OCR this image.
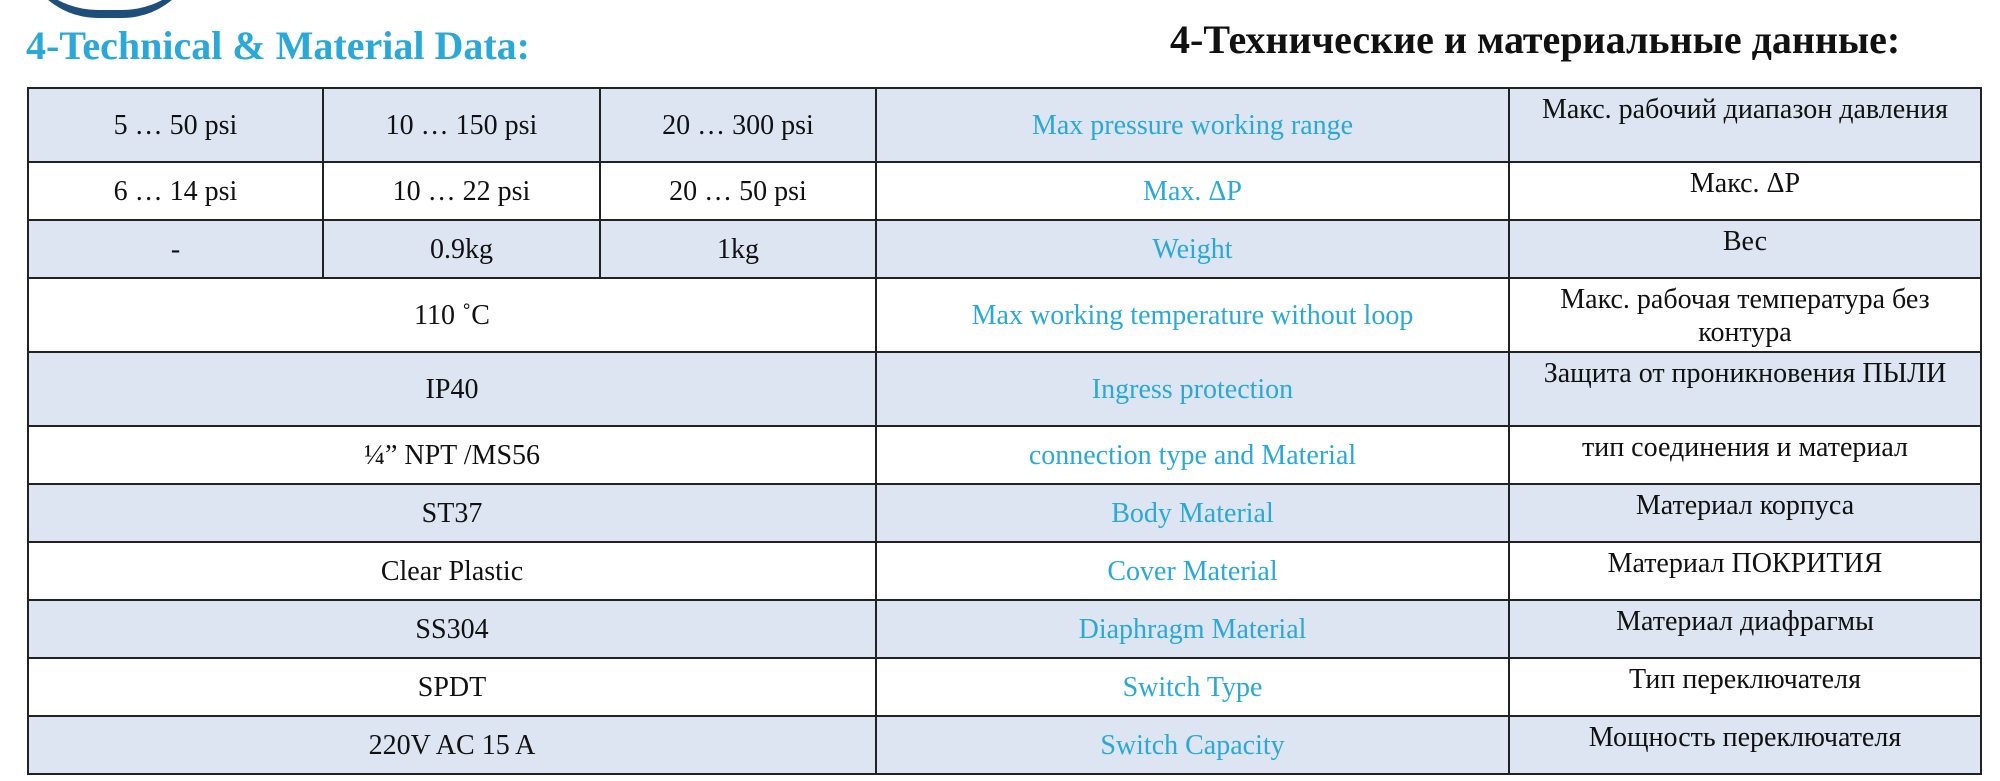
4-Technical & Material Data:	4-Технические и материальные данные:
5 … 50 psi	10 … 150 psi	20 … 300 psi	Max pressure working range	Макс. рабочий диапазон давления
6 … 14 psi	10 … 22 psi	20 … 50 psi	Max. ΔP	Макс. ΔP
-	0.9kg	1kg	Weight	Вес
110 ˚C			Max working temperature without loop	Макс. рабочая температура без контура
IP40			Ingress protection	Защита от проникновения ПЫЛИ
¼” NPT /MS56			connection type and Material	тип соединения и материал
ST37			Body Material	Материал корпуса
Clear Plastic			Cover Material	Материал ПОКРИТИЯ
SS304			Diaphragm Material	Материал диафрагмы
SPDT			Switch Type	Тип переключателя
220V AC 15 A			Switch Capacity	Мощность переключателя
